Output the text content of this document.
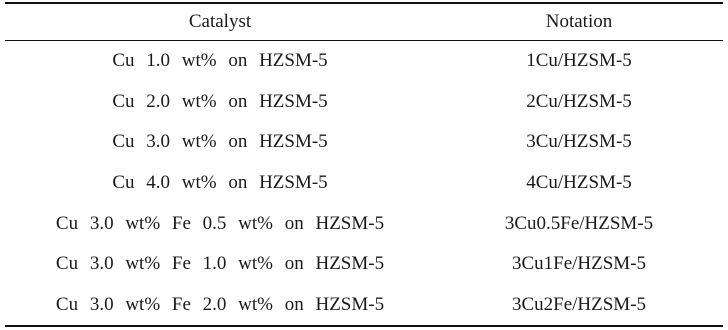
Catalyst	Notation
Cu 1.0 wt% on HZSM-5	1Cu/HZSM-5
Cu 2.0 wt% on HZSM-5	2Cu/HZSM-5
Cu 3.0 wt% on HZSM-5	3Cu/HZSM-5
Cu 4.0 wt% on HZSM-5	4Cu/HZSM-5
Cu 3.0 wt% Fe 0.5 wt% on HZSM-5	3Cu0.5Fe/HZSM-5
Cu 3.0 wt% Fe 1.0 wt% on HZSM-5	3Cu1Fe/HZSM-5
Cu 3.0 wt% Fe 2.0 wt% on HZSM-5	3Cu2Fe/HZSM-5
